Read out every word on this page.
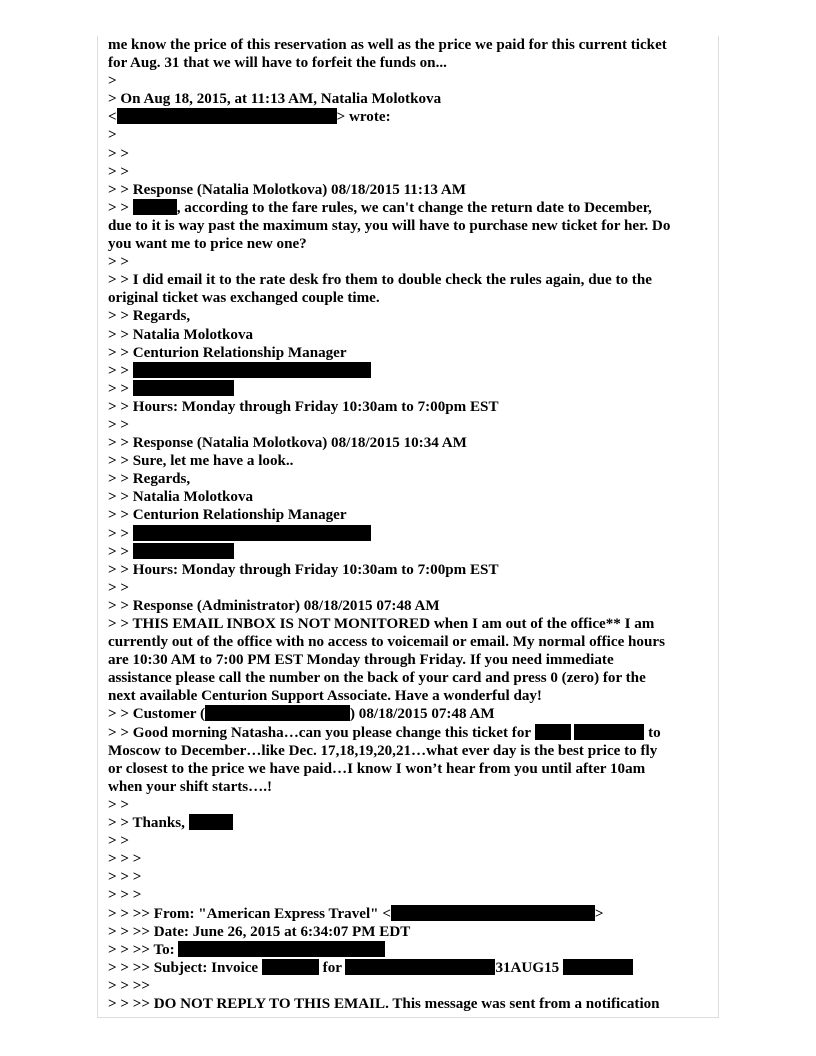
me know the price of this reservation as well as the price we paid for this current ticket
for Aug. 31 that we will have to forfeit the funds on...
>
> On Aug 18, 2015, at 11:13 AM, Natalia Molotkova
<	> wrote:
>
> >
> >
> > Response (Natalia Molotkova) 08/18/2015 11:13 AM
> >	, according to the fare rules, we can't change the return date to December,
due to it is way past the maximum stay, you will have to purchase new ticket for her. Do
you want me to price new one?
> >
> > I did email it to the rate desk fro them to double check the rules again, due to the
original ticket was exchanged couple time.
> > Regards,
> > Natalia Molotkova
> > Centurion Relationship Manager
> >
> >
> > Hours: Monday through Friday 10:30am to 7:00pm EST
> >
> > Response (Natalia Molotkova) 08/18/2015 10:34 AM
> > Sure, let me have a look..
> > Regards,
> > Natalia Molotkova
> > Centurion Relationship Manager
> >
> >
> > Hours: Monday through Friday 10:30am to 7:00pm EST
> >
> > Response (Administrator) 08/18/2015 07:48 AM
> > THIS EMAIL INBOX IS NOT MONITORED when I am out of the office** I am
currently out of the office with no access to voicemail or email. My normal office hours
are 10:30 AM to 7:00 PM EST Monday through Friday. If you need immediate
assistance please call the number on the back of your card and press 0 (zero) for the
next available Centurion Support Associate. Have a wonderful day!
> > Customer (	) 08/18/2015 07:48 AM
> > Good morning Natasha…can you please change this ticket for	to
Moscow to December…like Dec. 17,18,19,20,21…what ever day is the best price to fly
or closest to the price we have paid…I know I won’t hear from you until after 10am
when your shift starts….!
> >
> > Thanks,
> >
> > >
> > >
> > >
> > >> From: "American Express Travel" <	>
> > >> Date: June 26, 2015 at 6:34:07 PM EDT
> > >> To:
> > >> Subject: Invoice	for	31AUG15
> > >>
> > >> DO NOT REPLY TO THIS EMAIL. This message was sent from a notification
